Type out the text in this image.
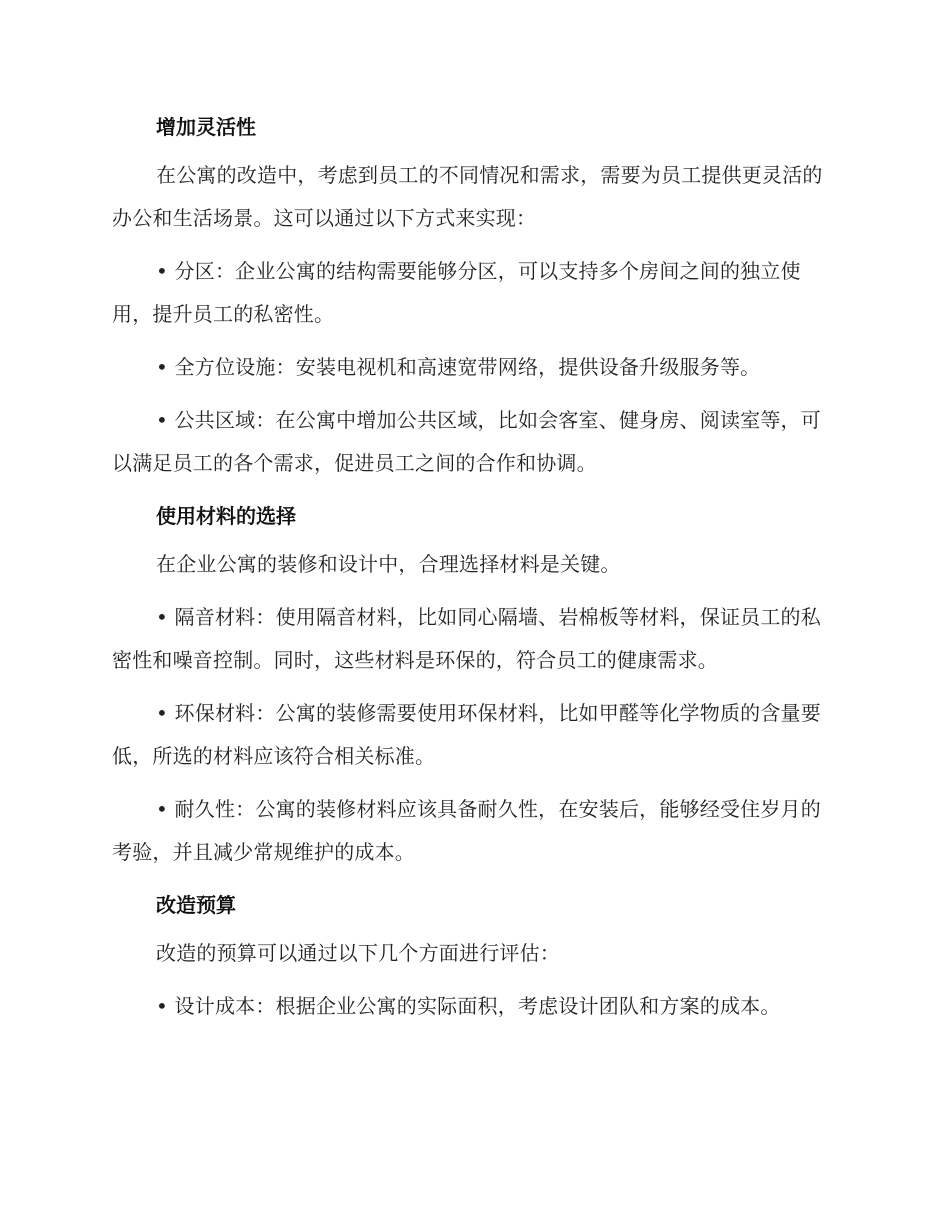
增加灵活性

在公寓的改造中，考虑到员工的不同情况和需求，需要为员工提供更灵活的办公和生活场景。这可以通过以下方式来实现：

• 分区：企业公寓的结构需要能够分区，可以支持多个房间之间的独立使用，提升员工的私密性。

• 全方位设施：安装电视机和高速宽带网络，提供设备升级服务等。

• 公共区域：在公寓中增加公共区域，比如会客室、健身房、阅读室等，可以满足员工的各个需求，促进员工之间的合作和协调。

使用材料的选择

在企业公寓的装修和设计中，合理选择材料是关键。

• 隔音材料：使用隔音材料，比如同心隔墙、岩棉板等材料，保证员工的私密性和噪音控制。同时，这些材料是环保的，符合员工的健康需求。

• 环保材料：公寓的装修需要使用环保材料，比如甲醛等化学物质的含量要低，所选的材料应该符合相关标准。

• 耐久性：公寓的装修材料应该具备耐久性，在安装后，能够经受住岁月的考验，并且减少常规维护的成本。

改造预算

改造的预算可以通过以下几个方面进行评估：

• 设计成本：根据企业公寓的实际面积，考虑设计团队和方案的成本。
